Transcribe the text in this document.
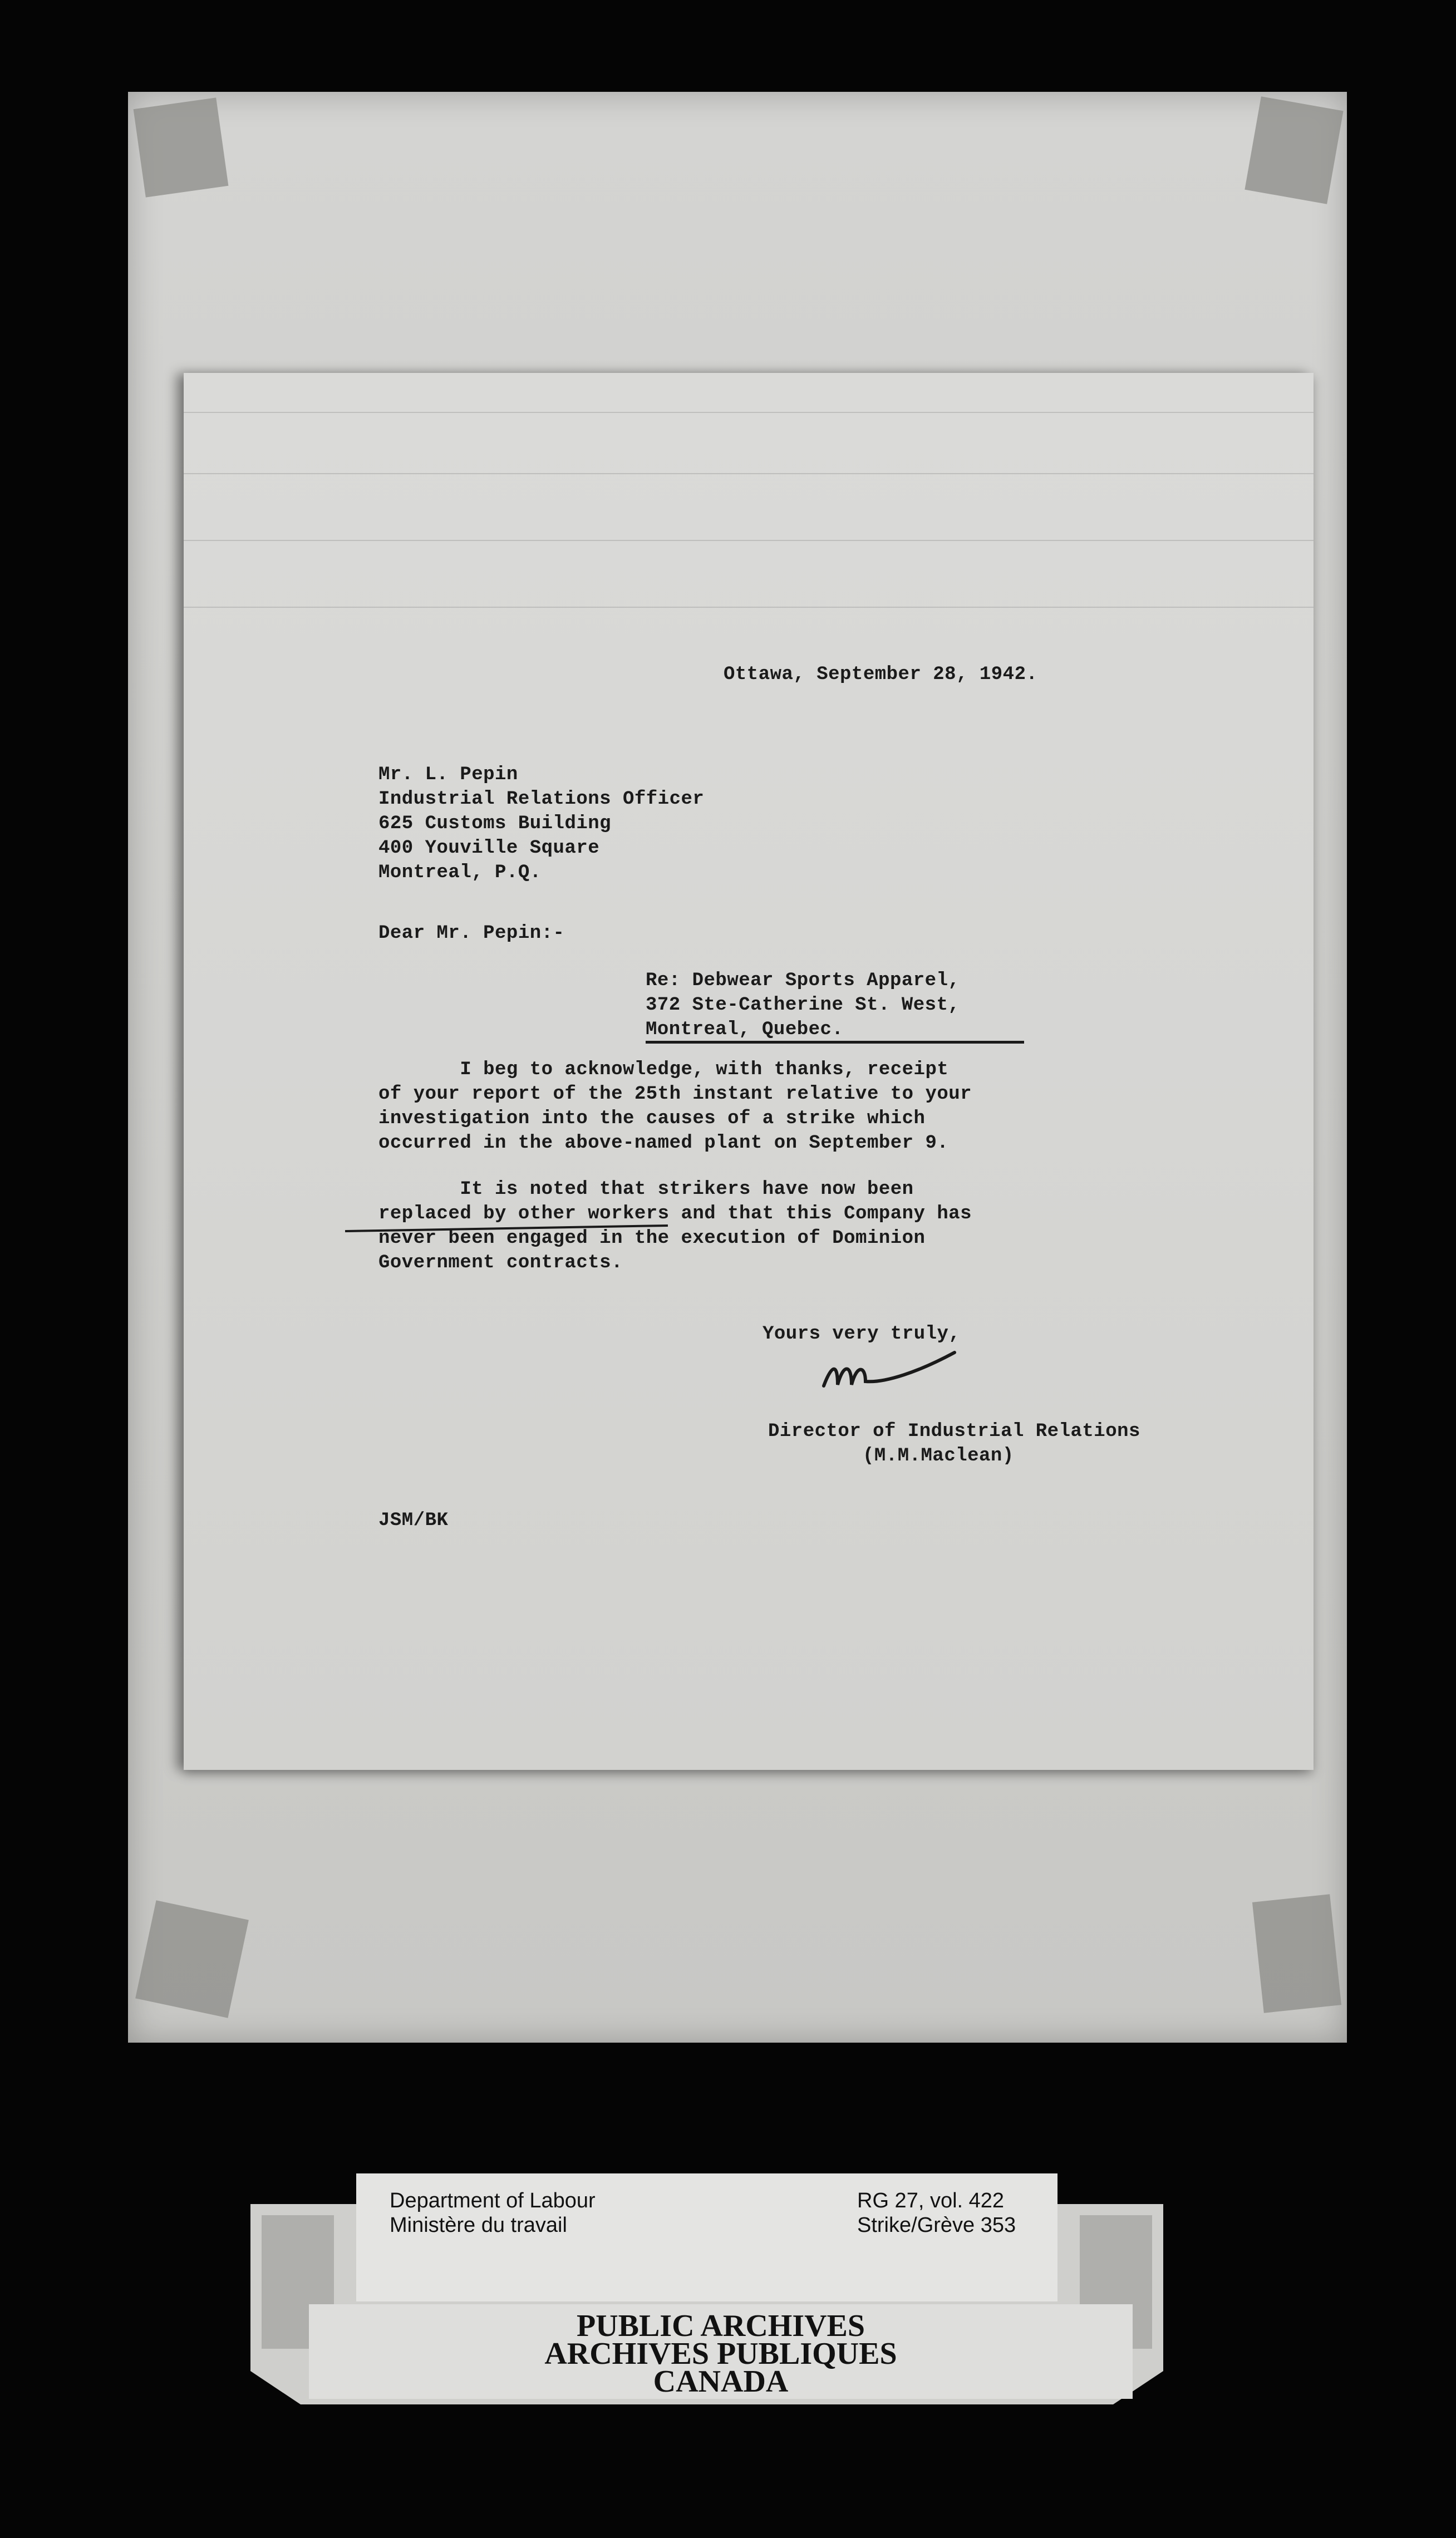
Ottawa, September 28, 1942.
Mr. L. Pepin
Industrial Relations Officer
625 Customs Building
400 Youville Square
Montreal, P.Q.
Dear Mr. Pepin:-
Re: Debwear Sports Apparel,
372 Ste-Catherine St. West,
Montreal, Quebec.
I beg to acknowledge, with thanks, receipt
of your report of the 25th instant relative to your
investigation into the causes of a strike which
occurred in the above-named plant on September 9.
It is noted that strikers have now been
replaced by other workers and that this Company has
never been engaged in the execution of Dominion
Government contracts.
Yours very truly,
Director of Industrial Relations
(M.M.Maclean)
JSM/BK
Department of Labour
Ministère du travail
RG 27, vol. 422
Strike/Grève 353
PUBLIC ARCHIVES
ARCHIVES PUBLIQUES
CANADA
